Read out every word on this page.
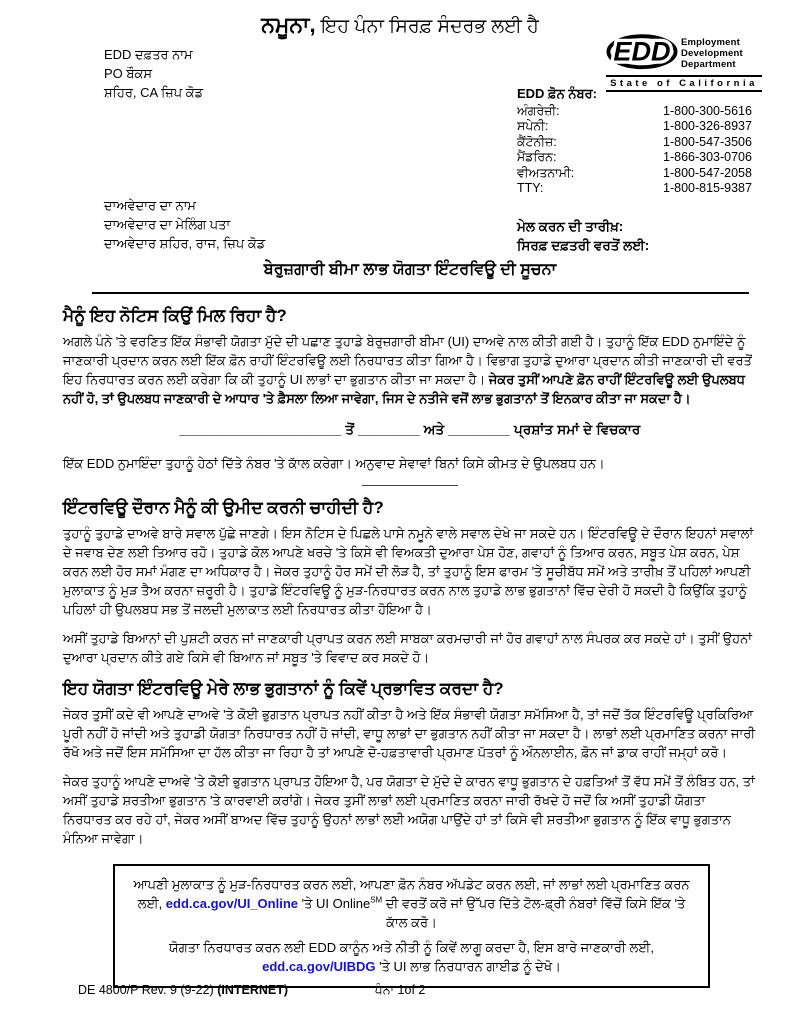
ਨਮੂਨਾ, ਇਹ ਪੰਨਾ ਸਿਰਫ਼ ਸੰਦਰਭ ਲਈ ਹੈ
EDD ਦਫ਼ਤਰ ਨਾਮ
PO ਬੌਕਸ
ਸ਼ਹਿਰ, CA ਜ਼ਿਪ ਕੋਡ
EDD Employment
Development
Department
State of California
EDD ਫ਼ੋਨ ਨੰਬਰ:
ਅੰਗਰੇਜ਼ੀ:	1-800-300-5616
ਸਪੇਨੀ:	1-800-326-8937
ਕੈਂਟੋਨੀਜ਼:	1-800-547-3506
ਮੈਂਡਰਿਨ:	1-866-303-0706
ਵੀਅਤਨਾਮੀ:	1-800-547-2058
TTY:	1-800-815-9387
ਦਾਅਵੇਦਾਰ ਦਾ ਨਾਮ
ਦਾਅਵੇਦਾਰ ਦਾ ਮੇਲਿੰਗ ਪਤਾ
ਦਾਅਵੇਦਾਰ ਸ਼ਹਿਰ, ਰਾਜ, ਜ਼ਿਪ ਕੋਡ
ਮੇਲ ਕਰਨ ਦੀ ਤਾਰੀਖ਼:
ਸਿਰਫ਼ ਦਫ਼ਤਰੀ ਵਰਤੋਂ ਲਈ:
ਬੇਰੁਜ਼ਗਾਰੀ ਬੀਮਾ ਲਾਭ ਯੋਗਤਾ ਇੰਟਰਵਿਊ ਦੀ ਸੂਚਨਾ
ਮੈਨੂੰ ਇਹ ਨੋਟਿਸ ਕਿਉਂ ਮਿਲ ਰਿਹਾ ਹੈ?

ਅਗਲੇ ਪੰਨੇ 'ਤੇ ਵਰਣਿਤ ਇੱਕ ਸੰਭਾਵੀ ਯੋਗਤਾ ਮੁੱਦੇ ਦੀ ਪਛਾਣ ਤੁਹਾਡੇ ਬੇਰੁਜ਼ਗਾਰੀ ਬੀਮਾ (UI) ਦਾਅਵੇ ਨਾਲ ਕੀਤੀ ਗਈ ਹੈ। ਤੁਹਾਨੂੰ ਇੱਕ EDD ਨੁਮਾਇੰਦੇ ਨੂੰ ਜਾਣਕਾਰੀ ਪ੍ਰਦਾਨ ਕਰਨ ਲਈ ਇੱਕ ਫ਼ੋਨ ਰਾਹੀਂ ਇੰਟਰਵਿਊ ਲਈ ਨਿਰਧਾਰਤ ਕੀਤਾ ਗਿਆ ਹੈ। ਵਿਭਾਗ ਤੁਹਾਡੇ ਦੁਆਰਾ ਪ੍ਰਦਾਨ ਕੀਤੀ ਜਾਣਕਾਰੀ ਦੀ ਵਰਤੋਂ ਇਹ ਨਿਰਧਾਰਤ ਕਰਨ ਲਈ ਕਰੇਗਾ ਕਿ ਕੀ ਤੁਹਾਨੂੰ UI ਲਾਭਾਂ ਦਾ ਭੁਗਤਾਨ ਕੀਤਾ ਜਾ ਸਕਦਾ ਹੈ। ਜੇਕਰ ਤੁਸੀਂ ਆਪਣੇ ਫ਼ੋਨ ਰਾਹੀਂ ਇੰਟਰਵਿਊ ਲਈ ਉਪਲਬਧ ਨਹੀਂ ਹੋ, ਤਾਂ ਉਪਲਬਧ ਜਾਣਕਾਰੀ ਦੇ ਆਧਾਰ 'ਤੇ ਫ਼ੈਸਲਾ ਲਿਆ ਜਾਵੇਗਾ, ਜਿਸ ਦੇ ਨਤੀਜੇ ਵਜੋਂ ਲਾਭ ਭੁਗਤਾਨਾਂ ਤੋਂ ਇਨਕਾਰ ਕੀਤਾ ਜਾ ਸਕਦਾ ਹੈ।

_____________________ ਤੋਂ ________ ਅਤੇ ________ ਪ੍ਰਸ਼ਾਂਤ ਸਮਾਂ ਦੇ ਵਿਚਕਾਰ

ਇੱਕ EDD ਨੁਮਾਇੰਦਾ ਤੁਹਾਨੂੰ ਹੇਠਾਂ ਦਿੱਤੇ ਨੰਬਰ 'ਤੇ ਕਾੱਲ ਕਰੇਗਾ। ਅਨੁਵਾਦ ਸੇਵਾਵਾਂ ਬਿਨਾਂ ਕਿਸੇ ਕੀਮਤ ਦੇ ਉਪਲਬਧ ਹਨ।

ਇੰਟਰਵਿਊ ਦੌਰਾਨ ਮੈਨੂੰ ਕੀ ਉਮੀਦ ਕਰਨੀ ਚਾਹੀਦੀ ਹੈ?

ਤੁਹਾਨੂੰ ਤੁਹਾਡੇ ਦਾਅਵੇ ਬਾਰੇ ਸਵਾਲ ਪੁੱਛੇ ਜਾਣਗੇ। ਇਸ ਨੋਟਿਸ ਦੇ ਪਿਛਲੇ ਪਾਸੇ ਨਮੂਨੇ ਵਾਲੇ ਸਵਾਲ ਦੇਖੇ ਜਾ ਸਕਦੇ ਹਨ। ਇੰਟਰਵਿਊ ਦੇ ਦੌਰਾਨ ਇਹਨਾਂ ਸਵਾਲਾਂ ਦੇ ਜਵਾਬ ਦੇਣ ਲਈ ਤਿਆਰ ਰਹੋ। ਤੁਹਾਡੇ ਕੋਲ ਆਪਣੇ ਖਰਚੇ 'ਤੇ ਕਿਸੇ ਵੀ ਵਿਅਕਤੀ ਦੁਆਰਾ ਪੇਸ਼ ਹੋਣ, ਗਵਾਹਾਂ ਨੂੰ ਤਿਆਰ ਕਰਨ, ਸਬੂਤ ਪੇਸ਼ ਕਰਨ, ਪੇਸ਼ ਕਰਨ ਲਈ ਹੋਰ ਸਮਾਂ ਮੰਗਣ ਦਾ ਅਧਿਕਾਰ ਹੈ। ਜੇਕਰ ਤੁਹਾਨੂੰ ਹੋਰ ਸਮੇਂ ਦੀ ਲੋੜ ਹੈ, ਤਾਂ ਤੁਹਾਨੂੰ ਇਸ ਫਾਰਮ 'ਤੇ ਸੂਚੀਬੱਧ ਸਮੇਂ ਅਤੇ ਤਾਰੀਖ਼ ਤੋਂ ਪਹਿਲਾਂ ਆਪਣੀ ਮੁਲਾਕਾਤ ਨੂੰ ਮੁੜ ਤੈਅ ਕਰਨਾ ਜ਼ਰੂਰੀ ਹੈ। ਤੁਹਾਡੇ ਇੰਟਰਵਿਊ ਨੂੰ ਮੁੜ-ਨਿਰਧਾਰਤ ਕਰਨ ਨਾਲ ਤੁਹਾਡੇ ਲਾਭ ਭੁਗਤਾਨਾਂ ਵਿੱਚ ਦੇਰੀ ਹੋ ਸਕਦੀ ਹੈ ਕਿਉਂਕਿ ਤੁਹਾਨੂੰ ਪਹਿਲਾਂ ਹੀ ਉਪਲਬਧ ਸਭ ਤੋਂ ਜਲਦੀ ਮੁਲਾਕਾਤ ਲਈ ਨਿਰਧਾਰਤ ਕੀਤਾ ਹੋਇਆ ਹੈ।

ਅਸੀਂ ਤੁਹਾਡੇ ਬਿਆਨਾਂ ਦੀ ਪੁਸ਼ਟੀ ਕਰਨ ਜਾਂ ਜਾਣਕਾਰੀ ਪ੍ਰਾਪਤ ਕਰਨ ਲਈ ਸਾਬਕਾ ਕਰਮਚਾਰੀ ਜਾਂ ਹੋਰ ਗਵਾਹਾਂ ਨਾਲ ਸੰਪਰਕ ਕਰ ਸਕਦੇ ਹਾਂ। ਤੁਸੀਂ ਉਹਨਾਂ ਦੁਆਰਾ ਪ੍ਰਦਾਨ ਕੀਤੇ ਗਏ ਕਿਸੇ ਵੀ ਬਿਆਨ ਜਾਂ ਸਬੂਤ 'ਤੇ ਵਿਵਾਦ ਕਰ ਸਕਦੇ ਹੋ।

ਇਹ ਯੋਗਤਾ ਇੰਟਰਵਿਊ ਮੇਰੇ ਲਾਭ ਭੁਗਤਾਨਾਂ ਨੂੰ ਕਿਵੇਂ ਪ੍ਰਭਾਵਿਤ ਕਰਦਾ ਹੈ?

ਜੇਕਰ ਤੁਸੀਂ ਕਦੇ ਵੀ ਆਪਣੇ ਦਾਅਵੇ 'ਤੇ ਕੋਈ ਭੁਗਤਾਨ ਪ੍ਰਾਪਤ ਨਹੀਂ ਕੀਤਾ ਹੈ ਅਤੇ ਇੱਕ ਸੰਭਾਵੀ ਯੋਗਤਾ ਸਮੱਸਿਆ ਹੈ, ਤਾਂ ਜਦੋਂ ਤੱਕ ਇੰਟਰਵਿਊ ਪ੍ਰਕਿਰਿਆ ਪੂਰੀ ਨਹੀਂ ਹੋ ਜਾਂਦੀ ਅਤੇ ਤੁਹਾਡੀ ਯੋਗਤਾ ਨਿਰਧਾਰਤ ਨਹੀਂ ਹੋ ਜਾਂਦੀ, ਵਾਧੂ ਲਾਭਾਂ ਦਾ ਭੁਗਤਾਨ ਨਹੀਂ ਕੀਤਾ ਜਾ ਸਕਦਾ ਹੈ। ਲਾਭਾਂ ਲਈ ਪ੍ਰਮਾਣਿਤ ਕਰਨਾ ਜਾਰੀ ਰੱਖੋ ਅਤੇ ਜਦੋਂ ਇਸ ਸਮੱਸਿਆ ਦਾ ਹੱਲ ਕੀਤਾ ਜਾ ਰਿਹਾ ਹੈ ਤਾਂ ਆਪਣੇ ਦੋ-ਹਫ਼ਤਾਵਾਰੀ ਪ੍ਰਮਾਣ ਪੱਤਰਾਂ ਨੂੰ ਔਨਲਾਈਨ, ਫ਼ੋਨ ਜਾਂ ਡਾਕ ਰਾਹੀਂ ਜਮ੍ਹਾਂ ਕਰੋ।

ਜੇਕਰ ਤੁਹਾਨੂੰ ਆਪਣੇ ਦਾਅਵੇ 'ਤੇ ਕੋਈ ਭੁਗਤਾਨ ਪ੍ਰਾਪਤ ਹੋਇਆ ਹੈ, ਪਰ ਯੋਗਤਾ ਦੇ ਮੁੱਦੇ ਦੇ ਕਾਰਨ ਵਾਧੂ ਭੁਗਤਾਨ ਦੇ ਹਫ਼ਤਿਆਂ ਤੋਂ ਵੱਧ ਸਮੇਂ ਤੋਂ ਲੰਬਿਤ ਹਨ, ਤਾਂ ਅਸੀਂ ਤੁਹਾਡੇ ਸ਼ਰਤੀਆ ਭੁਗਤਾਨ 'ਤੇ ਕਾਰਵਾਈ ਕਰਾਂਗੇ। ਜੇਕਰ ਤੁਸੀਂ ਲਾਭਾਂ ਲਈ ਪ੍ਰਮਾਣਿਤ ਕਰਨਾ ਜਾਰੀ ਰੱਖਦੇ ਹੋ ਜਦੋਂ ਕਿ ਅਸੀਂ ਤੁਹਾਡੀ ਯੋਗਤਾ ਨਿਰਧਾਰਤ ਕਰ ਰਹੇ ਹਾਂ, ਜੇਕਰ ਅਸੀਂ ਬਾਅਦ ਵਿੱਚ ਤੁਹਾਨੂੰ ਉਹਨਾਂ ਲਾਭਾਂ ਲਈ ਅਯੋਗ ਪਾਉਂਦੇ ਹਾਂ ਤਾਂ ਕਿਸੇ ਵੀ ਸ਼ਰਤੀਆ ਭੁਗਤਾਨ ਨੂੰ ਇੱਕ ਵਾਧੂ ਭੁਗਤਾਨ ਮੰਨਿਆ ਜਾਵੇਗਾ।

ਆਪਣੀ ਮੁਲਾਕਾਤ ਨੂੰ ਮੁੜ-ਨਿਰਧਾਰਤ ਕਰਨ ਲਈ, ਆਪਣਾ ਫ਼ੋਨ ਨੰਬਰ ਅੱਪਡੇਟ ਕਰਨ ਲਈ, ਜਾਂ ਲਾਭਾਂ ਲਈ ਪ੍ਰਮਾਣਿਤ ਕਰਨ ਲਈ, edd.ca.gov/UI_Online 'ਤੇ UI Online℠ ਦੀ ਵਰਤੋਂ ਕਰੋ ਜਾਂ ਉੱਪਰ ਦਿੱਤੇ ਟੋਲ-ਫ਼੍ਰੀ ਨੰਬਰਾਂ ਵਿੱਚੋਂ ਕਿਸੇ ਇੱਕ 'ਤੇ ਕਾੱਲ ਕਰੋ।
ਯੋਗਤਾ ਨਿਰਧਾਰਤ ਕਰਨ ਲਈ EDD ਕਾਨੂੰਨ ਅਤੇ ਨੀਤੀ ਨੂੰ ਕਿਵੇਂ ਲਾਗੂ ਕਰਦਾ ਹੈ, ਇਸ ਬਾਰੇ ਜਾਣਕਾਰੀ ਲਈ, edd.ca.gov/UIBDG 'ਤੇ UI ਲਾਭ ਨਿਰਧਾਰਨ ਗਾਈਡ ਨੂੰ ਦੇਖੋ।
DE 4800/P Rev. 9 (9-22) (INTERNET)	ਪੰਨਾ 1of 2
